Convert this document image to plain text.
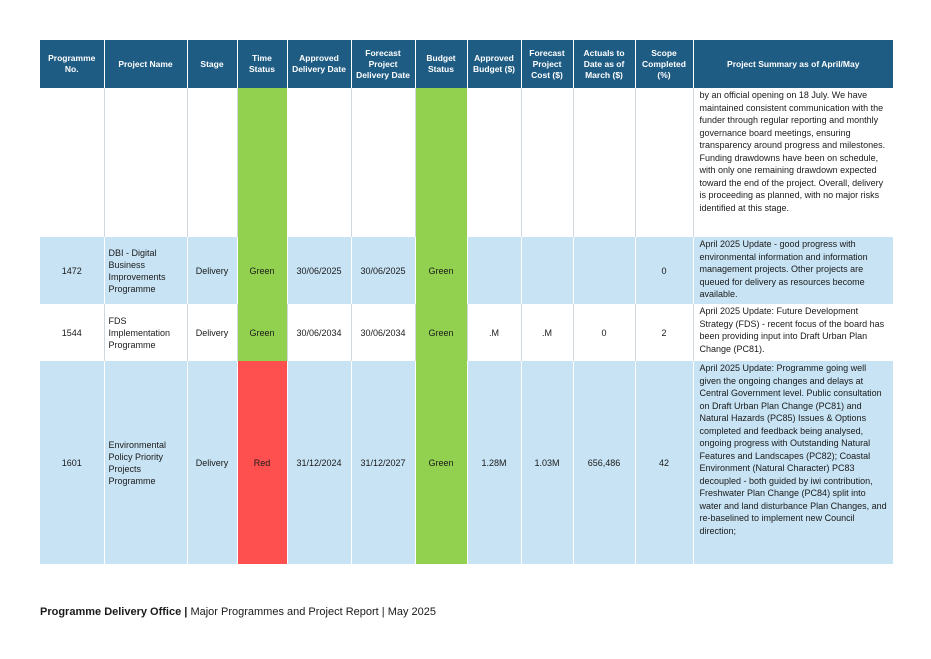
Programme No.	Project Name	Stage	Time Status	Approved Delivery Date	Forecast Project Delivery Date	Budget Status	Approved Budget ($)	Forecast Project Cost ($)	Actuals to Date as of March ($)	Scope Completed (%)	Project Summary as of April/May
											by an official opening on 18 July. We have maintained consistent communication with the funder through regular reporting and monthly governance board meetings, ensuring transparency around progress and milestones. Funding drawdowns have been on schedule, with only one remaining drawdown expected toward the end of the project. Overall, delivery is proceeding as planned, with no major risks identified at this stage.
1472	DBI - Digital Business Improvements Programme	Delivery	Green	30/06/2025	30/06/2025	Green				0	April 2025 Update - good progress with environmental information and information management projects. Other projects are queued for delivery as resources become available.
1544	FDS Implementation Programme	Delivery	Green	30/06/2034	30/06/2034	Green	.M	.M	0	2	April 2025 Update: Future Development Strategy (FDS) - recent focus of the board has been providing input into Draft Urban Plan Change (PC81).
1601	Environmental Policy Priority Projects Programme	Delivery	Red	31/12/2024	31/12/2027	Green	1.28M	1.03M	656,486	42	April 2025 Update: Programme going well given the ongoing changes and delays at Central Government level. Public consultation on Draft Urban Plan Change (PC81) and Natural Hazards (PC85) Issues & Options completed and feedback being analysed, ongoing progress with Outstanding Natural Features and Landscapes (PC82); Coastal Environment (Natural Character) PC83 decoupled - both guided by iwi contribution, Freshwater Plan Change (PC84) split into water and land disturbance Plan Changes, and re-baselined to implement new Council direction;
Programme Delivery Office | Major Programmes and Project Report | May 2025
